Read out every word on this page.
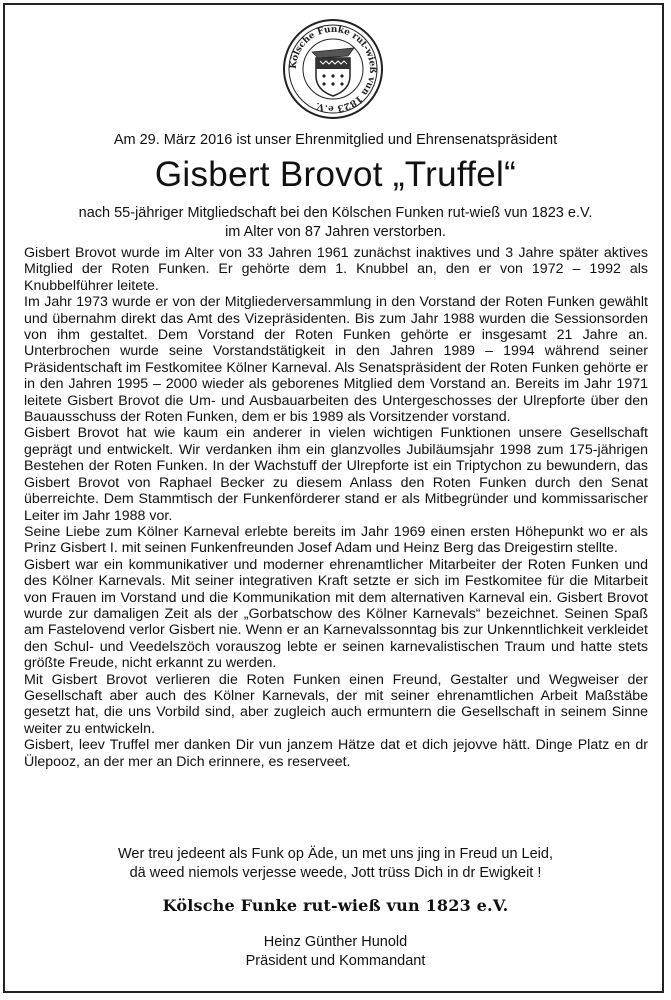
Kölsche Funke rut-wieß vun 1823 e.V.
Am 29. März 2016 ist unser Ehrenmitglied und Ehrensenatspräsident
Gisbert Brovot „Truffel“
nach 55-jähriger Mitgliedschaft bei den Kölschen Funken rut-wieß vun 1823 e.V.
im Alter von 87 Jahren verstorben.

Gisbert Brovot wurde im Alter von 33 Jahren 1961 zunächst inaktives und 3 Jahre später aktives Mitglied der Roten Funken. Er gehörte dem 1. Knubbel an, den er von 1972 – 1992 als Knubbelführer leitete.

Im Jahr 1973 wurde er von der Mitgliederversammlung in den Vorstand der Roten Funken gewählt und übernahm direkt das Amt des Vizepräsidenten. Bis zum Jahr 1988 wurden die Sessionsorden von ihm gestaltet. Dem Vorstand der Roten Funken gehörte er insgesamt 21 Jahre an. Unterbrochen wurde seine Vorstandstätigkeit in den Jahren 1989 – 1994 während seiner Präsidentschaft im Festkomitee Kölner Karneval. Als Senatspräsident der Roten Funken gehörte er in den Jahren 1995 – 2000 wieder als geborenes Mitglied dem Vorstand an. Bereits im Jahr 1971 leitete Gisbert Brovot die Um- und Ausbauarbeiten des Untergeschosses der Ulrepforte über den Bauausschuss der Roten Funken, dem er bis 1989 als Vorsitzender vorstand.

Gisbert Brovot hat wie kaum ein anderer in vielen wichtigen Funktionen unsere Gesellschaft geprägt und entwickelt. Wir verdanken ihm ein glanzvolles Jubiläumsjahr 1998 zum 175-jährigen Bestehen der Roten Funken. In der Wachstuff der Ulrepforte ist ein Triptychon zu bewundern, das Gisbert Brovot von Raphael Becker zu diesem Anlass den Roten Funken durch den Senat überreichte. Dem Stammtisch der Funkenförderer stand er als Mitbegründer und kommissarischer Leiter im Jahr 1988 vor.

Seine Liebe zum Kölner Karneval erlebte bereits im Jahr 1969 einen ersten Höhepunkt wo er als Prinz Gisbert I. mit seinen Funkenfreunden Josef Adam und Heinz Berg das Dreigestirn stellte.

Gisbert war ein kommunikativer und moderner ehrenamtlicher Mitarbeiter der Roten Funken und des Kölner Karnevals. Mit seiner integrativen Kraft setzte er sich im Festkomitee für die Mitarbeit von Frauen im Vorstand und die Kommunikation mit dem alternativen Karneval ein. Gisbert Brovot wurde zur damaligen Zeit als der „Gorbatschow des Kölner Karnevals“ bezeichnet. Seinen Spaß am Fastelovend verlor Gisbert nie. Wenn er an Karnevalssonntag bis zur Unkenntlichkeit verkleidet den Schul- und Veedelszöch vorauszog lebte er seinen karnevalistischen Traum und hatte stets größte Freude, nicht erkannt zu werden.

Mit Gisbert Brovot verlieren die Roten Funken einen Freund, Gestalter und Wegweiser der Gesellschaft aber auch des Kölner Karnevals, der mit seiner ehrenamtlichen Arbeit Maßstäbe gesetzt hat, die uns Vorbild sind, aber zugleich auch ermuntern die Gesellschaft in seinem Sinne weiter zu entwickeln.

Gisbert, leev Truffel mer danken Dir vun janzem Hätze dat et dich jejovve hätt. Dinge Platz en dr Ülepooz, an der mer an Dich erinnere, es reserveet.

Wer treu jedeent als Funk op Äde, un met uns jing in Freud un Leid,
dä weed niemols verjesse weede, Jott trüss Dich in dr Ewigkeit !
Kölsche Funke rut-wieß vun 1823 e.V.
Heinz Günther Hunold
Präsident und Kommandant
